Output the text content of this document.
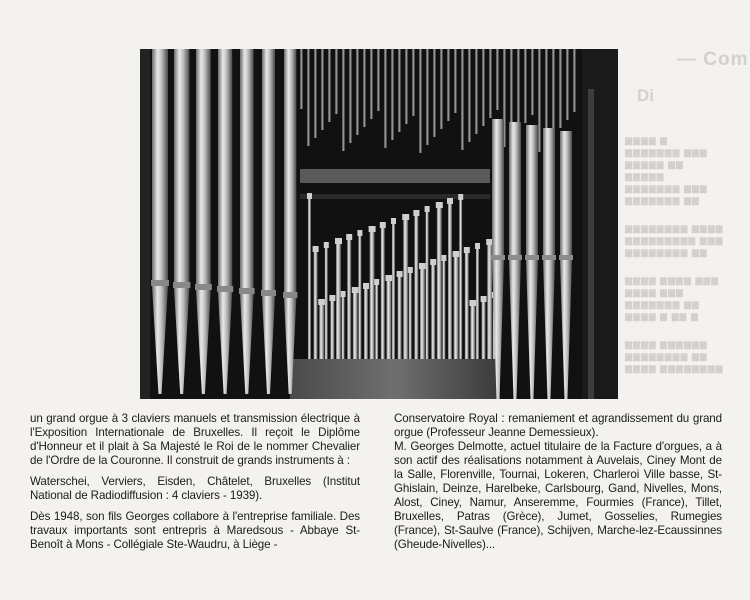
— Com
Di
▆▆▆▆ ▆
▆▆▆▆▆▆▆ ▆▆▆
▆▆▆▆▆ ▆▆
▆▆▆▆▆
▆▆▆▆▆▆▆ ▆▆▆
▆▆▆▆▆▆▆ ▆▆
▆▆▆▆▆▆▆▆ ▆▆▆▆
▆▆▆▆▆▆▆▆▆ ▆▆▆
▆▆▆▆▆▆▆▆ ▆▆
▆▆▆▆ ▆▆▆▆ ▆▆▆
▆▆▆▆ ▆▆▆
▆▆▆▆▆▆▆ ▆▆
▆▆▆▆ ▆ ▆▆ ▆
▆▆▆▆ ▆▆▆▆▆▆
▆▆▆▆▆▆▆▆ ▆▆
▆▆▆▆ ▆▆▆▆▆▆▆▆

un grand orgue à 3 claviers manuels et transmission électrique à l'Exposition Internationale de Bruxelles. Il reçoit le Diplôme d'Honneur et il plait à Sa Majesté le Roi de le nommer Chevalier de l'Ordre de la Couronne. Il construit de grands instruments à :

Waterschei, Verviers, Eisden, Châtelet, Bruxelles (Institut National de Radiodiffusion : 4 claviers - 1939).

Dès 1948, son fils Georges collabore à l'entreprise familiale. Des travaux importants sont entrepris à Maredsous - Abbaye St-Benoît à Mons - Collégiale Ste-Waudru, à Liège -

Conservatoire Royal : remaniement et agrandissement du grand orgue (Professeur Jeanne Demessieux).

M. Georges Delmotte, actuel titulaire de la Facture d'orgues, a à son actif des réalisations notamment à Auvelais, Ciney Mont de la Salle, Florenville, Tournai, Lokeren, Charleroi Ville basse, St-Ghislain, Deinze, Harelbeke, Carlsbourg, Gand, Nivelles, Mons, Alost, Ciney, Namur, Anseremme, Fourmies (France), Tillet, Bruxelles, Patras (Grèce), Jumet, Gosselies, Rumegies (France), St-Saulve (France), Schijven, Marche-lez-Ecaussinnes (Gheude-Nivelles)...
